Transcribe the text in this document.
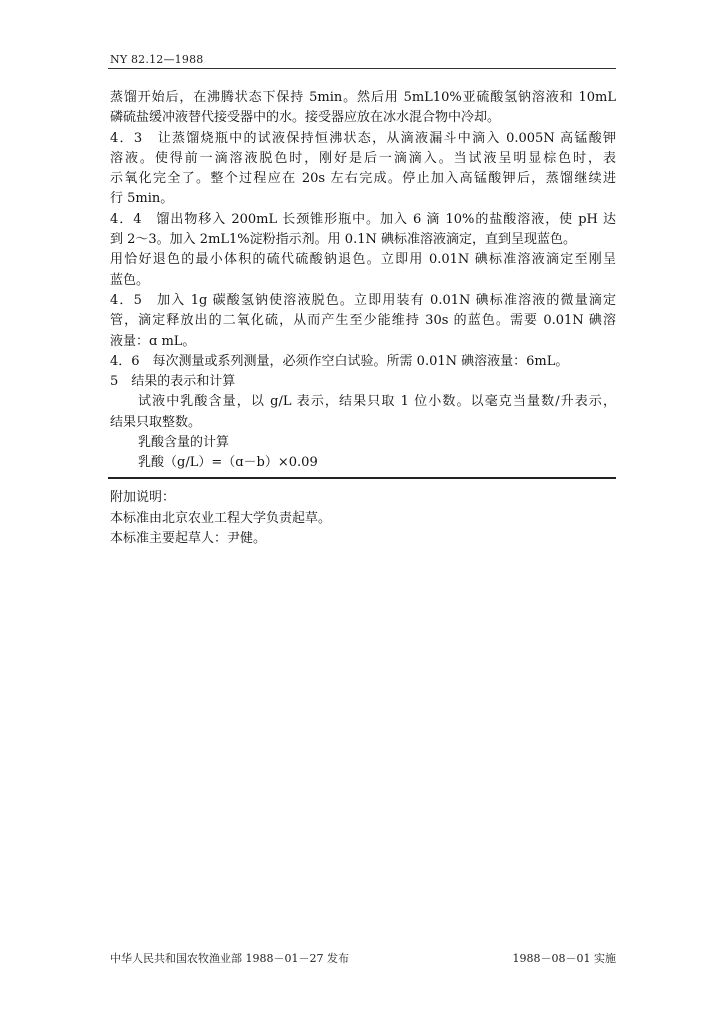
NY 82.12—1988

蒸馏开始后，在沸腾状态下保持 5min。然后用 5mL10%亚硫酸氢钠溶液和 10mL

磷硫盐缓冲液替代接受器中的水。接受器应放在冰水混合物中冷却。

4．3　让蒸馏烧瓶中的试液保持恒沸状态，从滴液漏斗中滴入 0.005N 高锰酸钾

溶液。使得前一滴溶液脱色时，刚好是后一滴滴入。当试液呈明显棕色时，表

示氧化完全了。整个过程应在 20s 左右完成。停止加入高锰酸钾后，蒸馏继续进

行 5min。

4．4　馏出物移入 200mL 长颈锥形瓶中。加入 6 滴 10%的盐酸溶液，使 pH 达

到 2～3。加入 2mL1%淀粉指示剂。用 0.1N 碘标准溶液滴定，直到呈现蓝色。

用恰好退色的最小体积的硫代硫酸钠退色。立即用 0.01N 碘标准溶液滴定至刚呈

蓝色。

4．5　加入 1g 碳酸氢钠使溶液脱色。立即用装有 0.01N 碘标准溶液的微量滴定

管，滴定释放出的二氧化硫，从而产生至少能维持 30s 的蓝色。需要 0.01N 碘溶

液量：ɑ mL。

4．6　每次测量或系列测量，必须作空白试验。所需 0.01N 碘溶液量：6mL。

5　结果的表示和计算

试液中乳酸含量，以 g/L 表示，结果只取 1 位小数。以毫克当量数/升表示，

结果只取整数。

乳酸含量的计算

乳酸（g/L）=（ɑ－b）×0.09

附加说明：

本标准由北京农业工程大学负责起草。

本标准主要起草人：尹健。

中华人民共和国农牧渔业部 1988－01－27 发布	1988－08－01 实施
